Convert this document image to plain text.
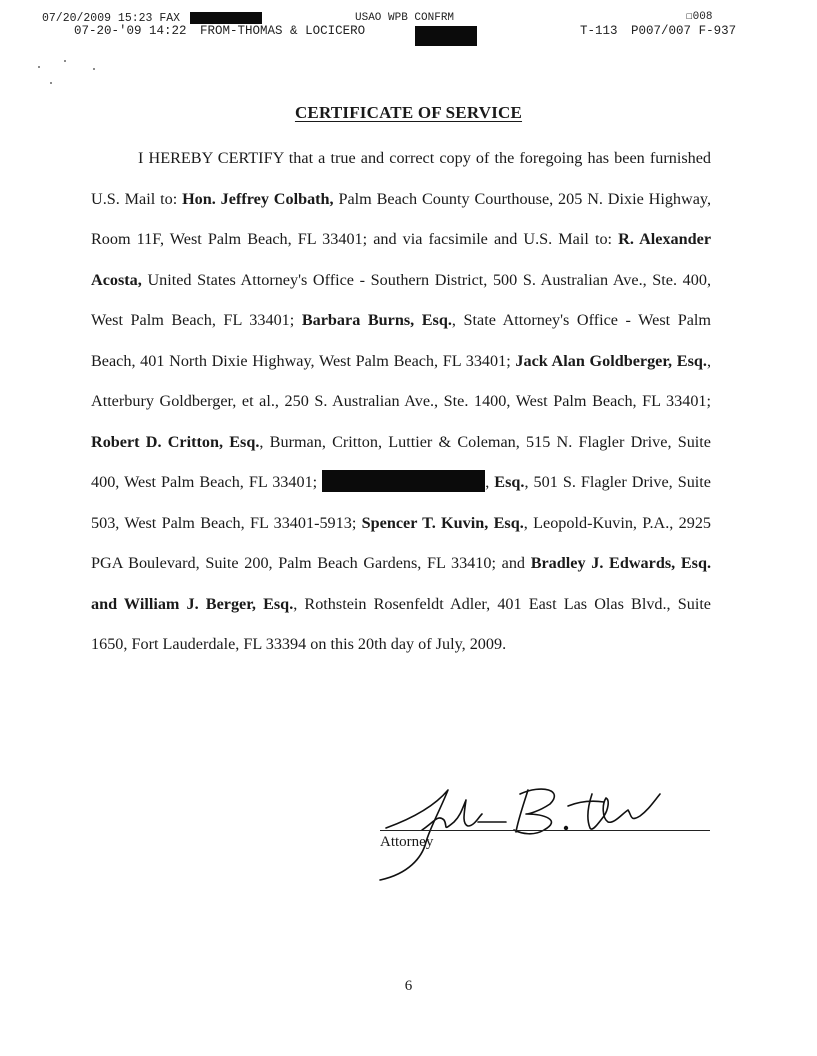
07/20/2009 15:23 FAX	USAO WPB CONFRM	☐008
07-20-'09 14:22 FROM-THOMAS & LOCICERO	T-113 P007/007 F-937
CERTIFICATE OF SERVICE

I HEREBY CERTIFY that a true and correct copy of the foregoing has been furnished U.S. Mail to: Hon. Jeffrey Colbath, Palm Beach County Courthouse, 205 N. Dixie Highway, Room 11F, West Palm Beach, FL 33401; and via facsimile and U.S. Mail to: R. Alexander Acosta, United States Attorney's Office - Southern District, 500 S. Australian Ave., Ste. 400, West Palm Beach, FL 33401; Barbara Burns, Esq., State Attorney's Office - West Palm Beach, 401 North Dixie Highway, West Palm Beach, FL 33401; Jack Alan Goldberger, Esq., Atterbury Goldberger, et al., 250 S. Australian Ave., Ste. 1400, West Palm Beach, FL 33401; Robert D. Critton, Esq., Burman, Critton, Luttier & Coleman, 515 N. Flagler Drive, Suite 400, West Palm Beach, FL 33401;	, Esq., 501 S. Flagler Drive, Suite 503, West Palm Beach, FL 33401-5913; Spencer T. Kuvin, Esq., Leopold-Kuvin, P.A., 2925 PGA Boulevard, Suite 200, Palm Beach Gardens, FL 33410; and Bradley J. Edwards, Esq. and William J. Berger, Esq., Rothstein Rosenfeldt Adler, 401 East Las Olas Blvd., Suite 1650, Fort Lauderdale, FL 33394 on this 20th day of July, 2009.

Attorney
6
